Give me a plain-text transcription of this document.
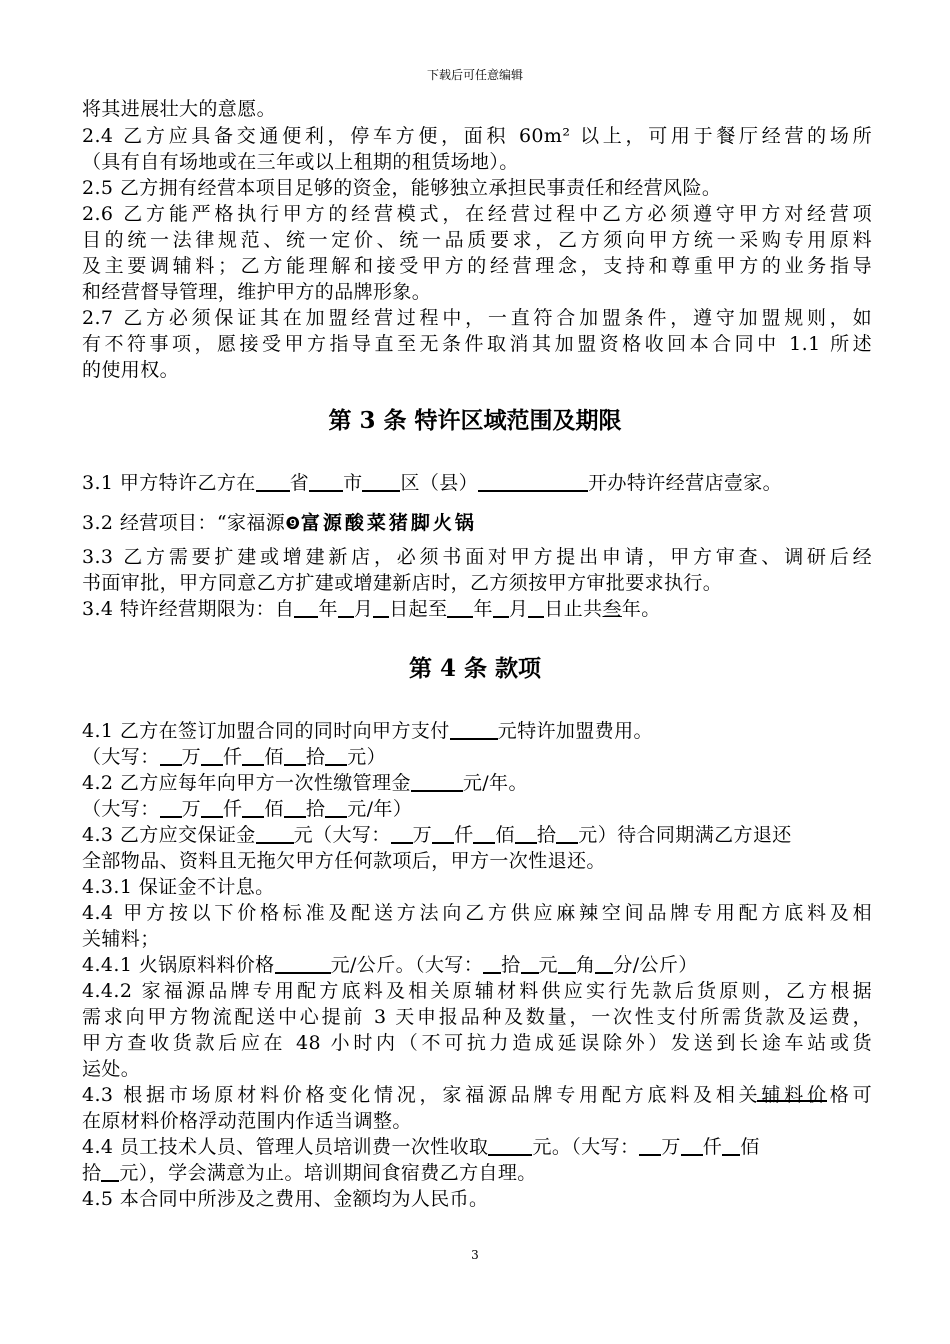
下载后可任意编辑
将其进展壮大的意愿。
2.4 乙方应具备交通便利，停车方便，面积 60m² 以上，可用于餐厅经营的场所
（具有自有场地或在三年或以上租期的租赁场地）。
2.5 乙方拥有经营本项目足够的资金，能够独立承担民事责任和经营风险。
2.6 乙方能严格执行甲方的经营模式，在经营过程中乙方必须遵守甲方对经营项
目的统一法律规范、统一定价、统一品质要求，乙方须向甲方统一采购专用原料
及主要调辅料；乙方能理解和接受甲方的经营理念，支持和尊重甲方的业务指导
和经营督导管理，维护甲方的品牌形象。
2.7 乙方必须保证其在加盟经营过程中，一直符合加盟条件，遵守加盟规则，如
有不符事项，愿接受甲方指导直至无条件取消其加盟资格收回本合同中 1.1 所述
的使用权。
第 3 条 特许区域范围及期限
3.1 甲方特许乙方在 省 市 区（县）	开办特许经营店壹家。
3.2 经营项目：“家福源❾富源酸菜猪脚火锅
3.3 乙方需要扩建或增建新店，必须书面对甲方提出申请，甲方审查、调研后经
书面审批，甲方同意乙方扩建或增建新店时，乙方须按甲方审批要求执行。
3.4 特许经营期限为：自 年 月 日起至 年 月 日止共叁年。
第 4 条 款项
4.1 乙方在签订加盟合同的同时向甲方支付	元特许加盟费用。
（大写： 万 仟 佰 拾 元）
4.2 乙方应每年向甲方一次性缴管理金	元/年。
（大写： 万 仟 佰 拾 元/年）
4.3 乙方应交保证金 元（大写： 万 仟 佰 拾 元）待合同期满乙方退还
全部物品、资料且无拖欠甲方任何款项后，甲方一次性退还。
4.3.1 保证金不计息。
4.4 甲方按以下价格标准及配送方法向乙方供应麻辣空间品牌专用配方底料及相
关辅料；
4.4.1 火锅原料料价格	元/公斤。（大写： 拾 元 角 分/公斤）
4.4.2 家福源品牌专用配方底料及相关原辅材料供应实行先款后货原则，乙方根据
需求向甲方物流配送中心提前 3 天申报品种及数量，一次性支付所需货款及运费，
甲方查收货款后应在 48 小时内（不可抗力造成延误除外）发送到长途车站或货
运处。
4.3 根据市场原材料价格变化情况，家福源品牌专用配方底料及相关辅料价格可
在原材料价格浮动范围内作适当调整。
4.4 员工技术人员、管理人员培训费一次性收取 元。（大写： 万 仟 佰
拾 元），学会满意为止。培训期间食宿费乙方自理。
4.5 本合同中所涉及之费用、金额均为人民币。
3
